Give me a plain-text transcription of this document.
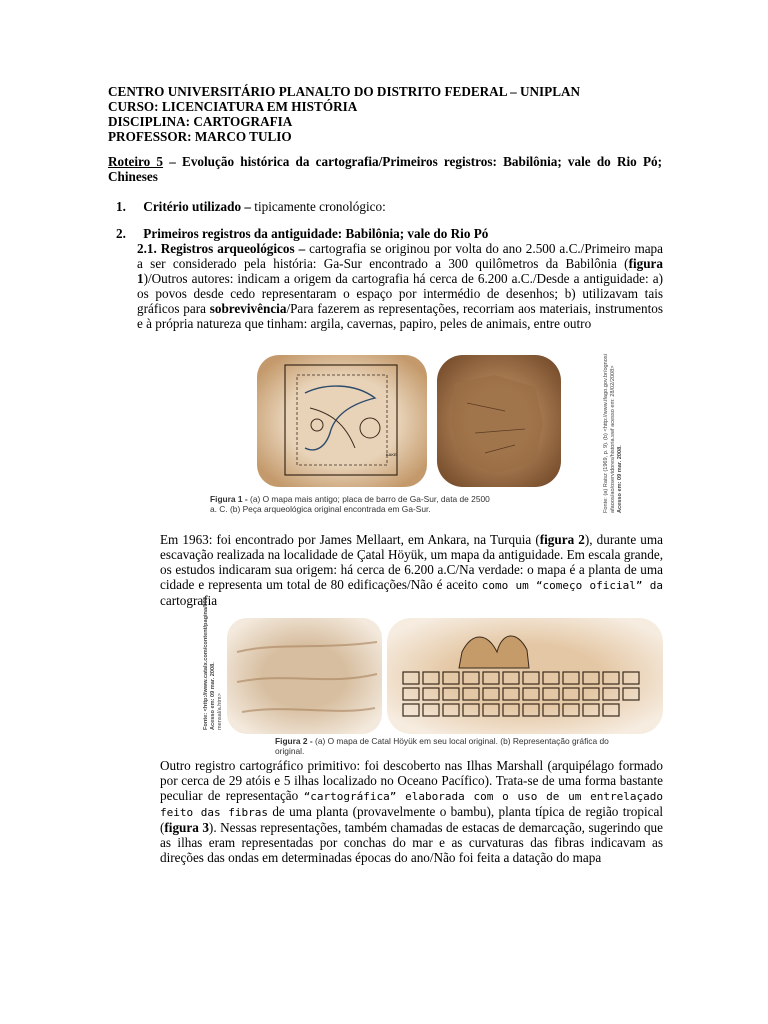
CENTRO UNIVERSITÁRIO PLANALTO DO DISTRITO FEDERAL – UNIPLAN
CURSO: LICENCIATURA EM HISTÓRIA
DISCIPLINA: CARTOGRAFIA
PROFESSOR: MARCO TULIO
Roteiro 5 – Evolução histórica da cartografia/Primeiros registros: Babilônia; vale do Rio Pó; Chineses
1. Critério utilizado – tipicamente cronológico:
2. Primeiros registros da antiguidade: Babilônia; vale do Rio Pó
2.1. Registros arqueológicos – cartografia se originou por volta do ano 2.500 a.C./Primeiro mapa a ser considerado pela história: Ga-Sur encontrado a 300 quilômetros da Babilônia (figura 1)/Outros autores: indicam a origem da cartografia há cerca de 6.200 a.C./Desde a antiguidade: a) os povos desde cedo representaram o espaço por intermédio de desenhos; b) utilizavam tais gráficos para sobrevivência/Para fazerem as representações, recorriam aos materiais, instrumentos e à própria natureza que tinham: argila, cavernas, papiro, peles de animais, entre outro
KAKE
Figura 1 - (a) O mapa mais antigo; placa de barro de Ga-Sur, data de 2500 a. C. (b) Peça arqueológica original encontrada em Ga-Sur.	Fonte: (a) Raisz (1969, p. 9). (b) <http://www.ifago.gov.br/ognosi afaoos/ao/oservidores/historia.swf acesso em: 28/02/2008> Acesso em: 09 mar. 2008.
Em 1963: foi encontrado por James Mellaart, em Ankara, na Turquia (figura 2), durante uma escavação realizada na localidade de Çatal Höyük, um mapa da antiguidade. Em escala grande, os estudos indicaram sua origem: há cerca de 6.200 a.C/Na verdade: o mapa é a planta de uma cidade e representa um total de 80 edificações/Não é aceito como um “começo oficial” da cartografia
Fonte: <http://www.catalx.com/content/pagina/003. Acesso em: 09 mar. 2008. mensal/a.htm>
Figura 2 - (a) O mapa de Catal Höyük em seu local original. (b) Representação gráfica do original.
Outro registro cartográfico primitivo: foi descoberto nas Ilhas Marshall (arquipélago formado por cerca de 29 atóis e 5 ilhas localizado no Oceano Pacífico). Trata-se de uma forma bastante peculiar de representação “cartográfica” elaborada com o uso de um entrelaçado feito das fibras de uma planta (provavelmente o bambu), planta típica de região tropical (figura 3). Nessas representações, também chamadas de estacas de demarcação, sugerindo que as ilhas eram representadas por conchas do mar e as curvaturas das fibras indicavam as direções das ondas em determinadas épocas do ano/Não foi feita a datação do mapa
